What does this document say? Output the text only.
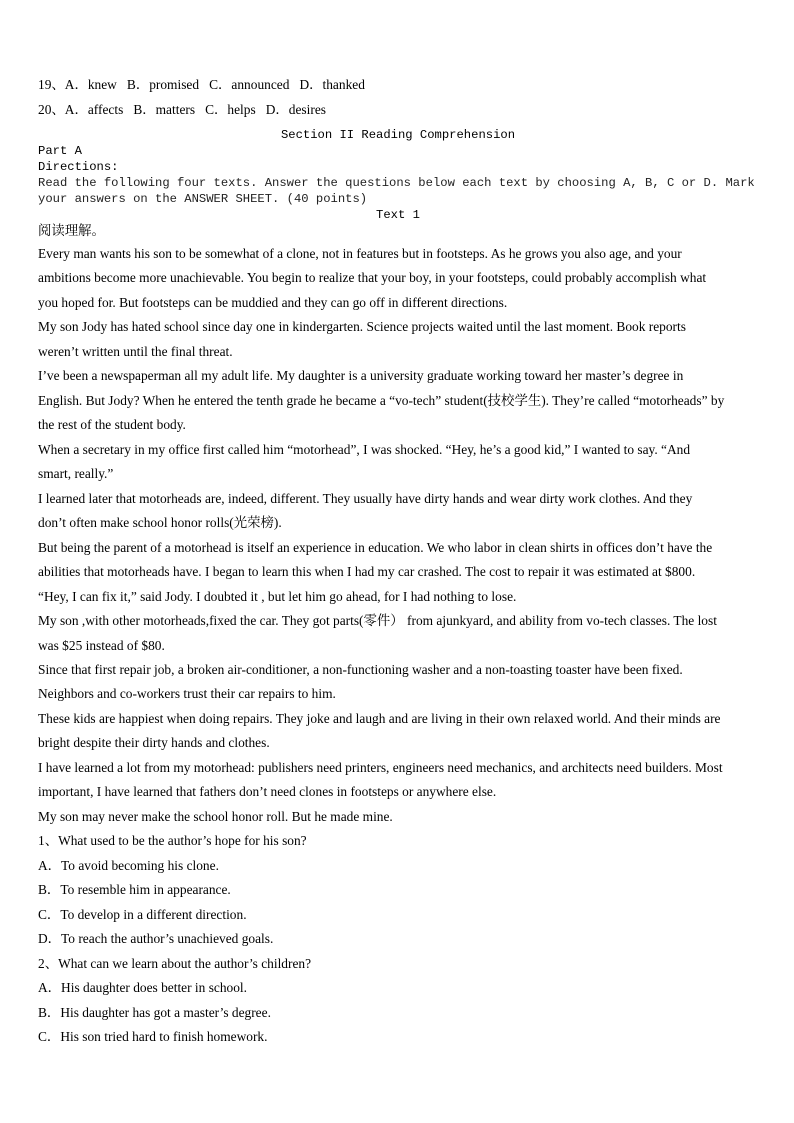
19、A．knew   B．promised   C．announced   D．thanked
20、A．affects   B．matters   C．helps   D．desires
Section II Reading Comprehension
Part A
Directions:
Read the following four texts. Answer the questions below each text by choosing A, B, C or D. Mark
your answers on the ANSWER SHEET. (40 points)
Text 1
阅读理解。
Every man wants his son to be somewhat of a clone, not in features but in footsteps. As he grows you also age, and your
ambitions become more unachievable. You begin to realize that your boy, in your footsteps, could probably accomplish what
you hoped for. But footsteps can be muddied and they can go off in different directions.
My son Jody has hated school since day one in kindergarten. Science projects waited until the last moment. Book reports
weren’t written until the final threat.
I’ve been a newspaperman all my adult life. My daughter is a university graduate working toward her master’s degree in
English. But Jody? When he entered the tenth grade he became a “vo-tech” student(技校学生). They’re called “motorheads” by
the rest of the student body.
When a secretary in my office first called him “motorhead”, I was shocked. “Hey, he’s a good kid,” I wanted to say. “And
smart, really.”
I learned later that motorheads are, indeed, different. They usually have dirty hands and wear dirty work clothes. And they
don’t often make school honor rolls(光荣榜).
But being the parent of a motorhead is itself an experience in education. We who labor in clean shirts in offices don’t have the
abilities that motorheads have. I began to learn this when I had my car crashed. The cost to repair it was estimated at $800.
“Hey, I can fix it,” said Jody. I doubted it , but let him go ahead, for I had nothing to lose.
My son ,with other motorheads,fixed the car. They got parts(零件） from ajunkyard, and ability from vo-tech classes. The lost
was $25 instead of $80.
Since that first repair job, a broken air-conditioner, a non-functioning washer and a non-toasting toaster have been fixed.
Neighbors and co-workers trust their car repairs to him.
These kids are happiest when doing repairs. They joke and laugh and are living in their own relaxed world. And their minds are
bright despite their dirty hands and clothes.
I have learned a lot from my motorhead: publishers need printers, engineers need mechanics, and architects need builders. Most
important, I have learned that fathers don’t need clones in footsteps or anywhere else.
My son may never make the school honor roll. But he made mine.
1、What used to be the author’s hope for his son?
A．To avoid becoming his clone.
B．To resemble him in appearance.
C．To develop in a different direction.
D．To reach the author’s unachieved goals.
2、What can we learn about the author’s children?
A．His daughter does better in school.
B．His daughter has got a master’s degree.
C．His son tried hard to finish homework.
